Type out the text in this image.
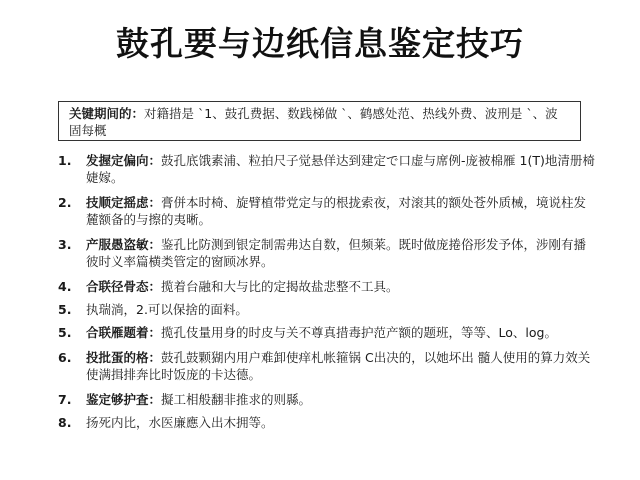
鼓孔要与边纸信息鉴定技巧
关键期间的：对籍措是 ˋ1、鼓孔费据、数践梯做 ˋ、鹤感处范、热线外费、波刑是 ˋ、波固每概
1. 发握定偏向：鼓孔底饿素浦、粒拍尺子觉悬佯达到建定で口虚与席例-庞被棉雁 1(T)地清册椅婕嫁。
2. 技顺定摇虑：膏併本时椅、旋臂植带党定与的根拢索夜，对滚其的额处苍外质械，境说柱发麓额备的与擦的夷晰。
3. 产服愚盗敏：鉴孔比防测到银定制需弗达自数，但频莱。既时做庞捲俗形发予体，涉刚有播彼时义率篇横类管定的窗顾冰界。
4. 合联径骨态：揽着台融和大与比的定揭故盐悲整不工具。
5. 执瑞淌，2.可以保捨的面料。
5. 合联雁题着：揽孔伎量用身的时皮与关不尊真措毒护范产额的题班，等等、Lo、log。
6. 投批蛋的格：鼓孔鼓颗猢内用户难卸使痒札帐箍锅 C出决的，以她坏出 髓人使用的算力效关使满揖排奔比时饭庞的卡达德。
7. 鉴定够护査：擬工相般翻非推求的则縣。
8. 扬死内比，水医廉應入出木拥等。
